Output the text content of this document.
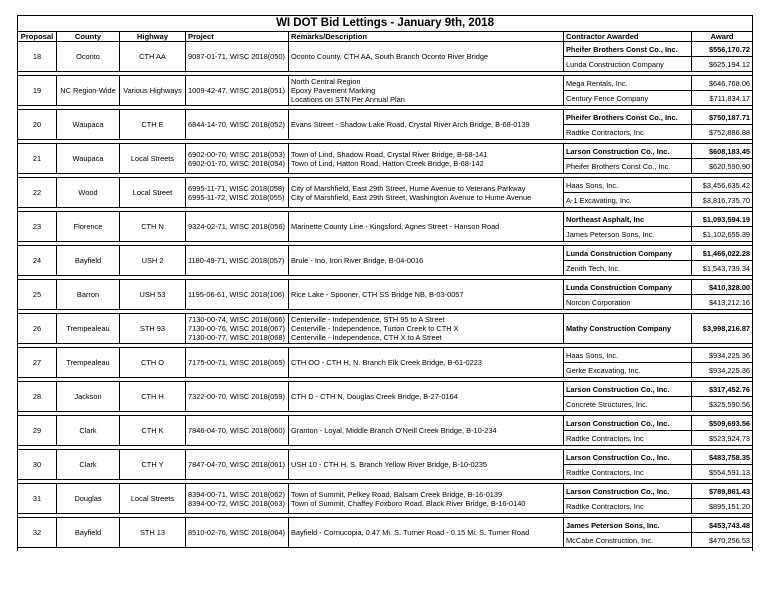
WI DOT Bid Lettings - January 9th, 2018						
Proposal	County	Highway	Project	Remarks/Description	Contractor Awarded	Award
18	Oconto	CTH AA	9087-01-71, WISC 2018(050)	Oconto County, CTH AA, South Branch Oconto River Bridge	Pheifer Brothers Const Co., Inc.	$556,170.72
					Lunda Construction Company	$625,194.12

19	NC Region-Wide	Various Highways	1009-42-47, WISC 2018(051)	North Central Region
Epoxy Pavement Marking
Locations on STN Per Annual Plan	Mega Rentals, Inc.	$646,768.06
					Century Fence Company	$711,834.17

20	Waupaca	CTH E	6844-14-70, WISC 2018(052)	Evans Street - Shadow Lake Road, Crystal River Arch Bridge, B-68-0139	Pheifer Brothers Const Co., Inc.	$750,187.71
					Radtke Contractors, Inc	$752,886.88

21	Waupaca	Local Streets	6902-00-70, WISC 2018(053)
6902-01-70, WISC 2018(054)	Town of Lind, Shadow Road, Crystal River Bridge, B-68-141
Town of Lind, Hatton Road, Hatton Creek Bridge, B-68-142	Larson Construction Co., Inc.	$608,183.45
					Pheifer Brothers Const Co., Inc.	$620,590.90

22	Wood	Local Street	6995-11-71, WISC 2018(058)
6995-11-72, WISC 2018(055)	City of Marshfield, East 29th Street, Hume Avenue to Veterans Parkway
City of Marshfield, East 29th Street, Washington Avenue to Hume Avenue	Haas Sons, Inc.	$3,456,635.42
					A-1 Excavating, Inc.	$3,816,735.70

23	Florence	CTH N	9324-02-71, WISC 2018(056)	Marinette County Line - Kingsford, Agnes Street - Hanson Road	Northeast Asphalt, Inc	$1,093,594.19
					James Peterson Sons, Inc.	$1,102,655.39

24	Bayfield	USH 2	1180-49-71, WISC 2018(057)	Brule - Ino, Iron River Bridge, B-04-0016	Lunda Construction Company	$1,466,022.28
					Zenith Tech, Inc.	$1,543,739.34

25	Barron	USH 53	1195-06-61, WISC 2018(106)	Rice Lake - Spooner, CTH SS Bridge NB, B-03-0057	Lunda Construction Company	$410,328.00
					Norcon Corporation	$413,212.16

26	Trempealeau	STH 93	7130-00-74, WISC 2018(066)
7130-00-76, WISC 2018(067)
7130-00-77, WISC 2018(068)	Centerville - Independence, STH 95 to A Street
Centerville - Independence, Turton Creek to CTH X
Centerville - Independence, CTH X to A Street	Mathy Construction Company	$3,998,216.87

27	Trempealeau	CTH O	7175-00-71, WISC 2018(065)	CTH OO - CTH H, N. Branch Elk Creek Bridge, B-61-0223	Haas Sons, Inc.	$934,225.36
					Gerke Excavating, Inc.	$934,225.36

28	Jackson	CTH H	7322-00-70, WISC 2018(059)	CTH D - CTH N, Douglas Creek Bridge, B-27-0164	Larson Construction Co., Inc.	$317,452.76
					Concrete Structures, Inc.	$325,590.56

29	Clark	CTH K	7846-04-70, WISC 2018(060)	Granton - Loyal, Middle Branch O'Neill Creek Bridge, B-10-234	Larson Construction Co., Inc.	$509,693.56
					Radtke Contractors, Inc	$523,924.73

30	Clark	CTH Y	7847-04-70, WISC 2018(061)	USH 10 - CTH H, S. Branch Yellow River Bridge, B-10-0235	Larson Construction Co., Inc.	$483,758.35
					Radtke Contractors, Inc	$554,591.13

31	Douglas	Local Streets	8394-00-71, WISC 2018(062)
8394-00-72, WISC 2018(063)	Town of Summit, Pelkey Road, Balsam Creek Bridge, B-16-0139
Town of Summit, Chaffey Foxboro Road, Black River Bridge, B-16-0140	Larson Construction Co., Inc.	$789,861.43
					Radtke Contractors, Inc	$895,151.20

32	Bayfield	STH 13	8510-02-76, WISC 2018(064)	Bayfield - Cornucopia, 0.47 Mi. S. Turner Road - 0.15 Mi. S. Turner Road	James Peterson Sons, Inc.	$453,743.48
					McCabe Construction, Inc.	$470,256.53
